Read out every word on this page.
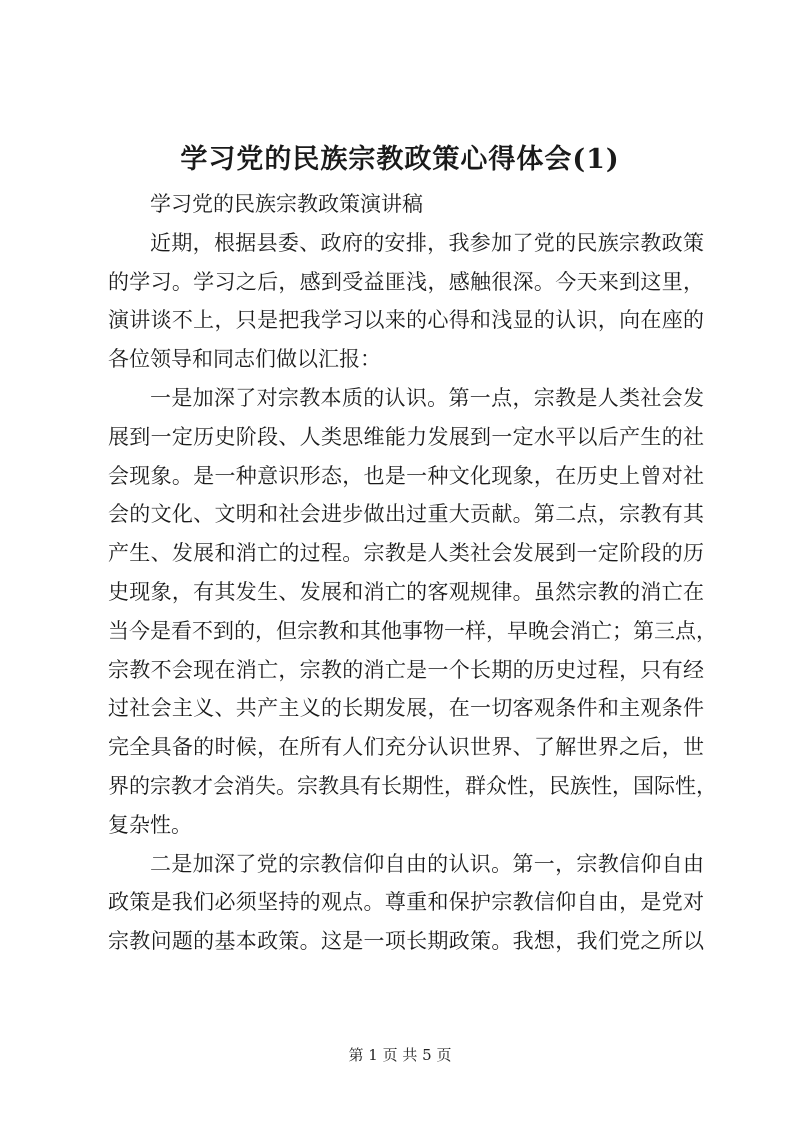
学习党的民族宗教政策心得体会(1)
学习党的民族宗教政策演讲稿
近期，根据县委、政府的安排，我参加了党的民族宗教政策
的学习。学习之后，感到受益匪浅，感触很深。今天来到这里，
演讲谈不上，只是把我学习以来的心得和浅显的认识，向在座的
各位领导和同志们做以汇报：
一是加深了对宗教本质的认识。第一点，宗教是人类社会发
展到一定历史阶段、人类思维能力发展到一定水平以后产生的社
会现象。是一种意识形态，也是一种文化现象，在历史上曾对社
会的文化、文明和社会进步做出过重大贡献。第二点，宗教有其
产生、发展和消亡的过程。宗教是人类社会发展到一定阶段的历
史现象，有其发生、发展和消亡的客观规律。虽然宗教的消亡在
当今是看不到的，但宗教和其他事物一样，早晚会消亡；第三点，
宗教不会现在消亡，宗教的消亡是一个长期的历史过程，只有经
过社会主义、共产主义的长期发展，在一切客观条件和主观条件
完全具备的时候，在所有人们充分认识世界、了解世界之后，世
界的宗教才会消失。宗教具有长期性，群众性，民族性，国际性，
复杂性。
二是加深了党的宗教信仰自由的认识。第一，宗教信仰自由
政策是我们必须坚持的观点。尊重和保护宗教信仰自由，是党对
宗教问题的基本政策。这是一项长期政策。我想，我们党之所以
第 1 页 共 5 页
